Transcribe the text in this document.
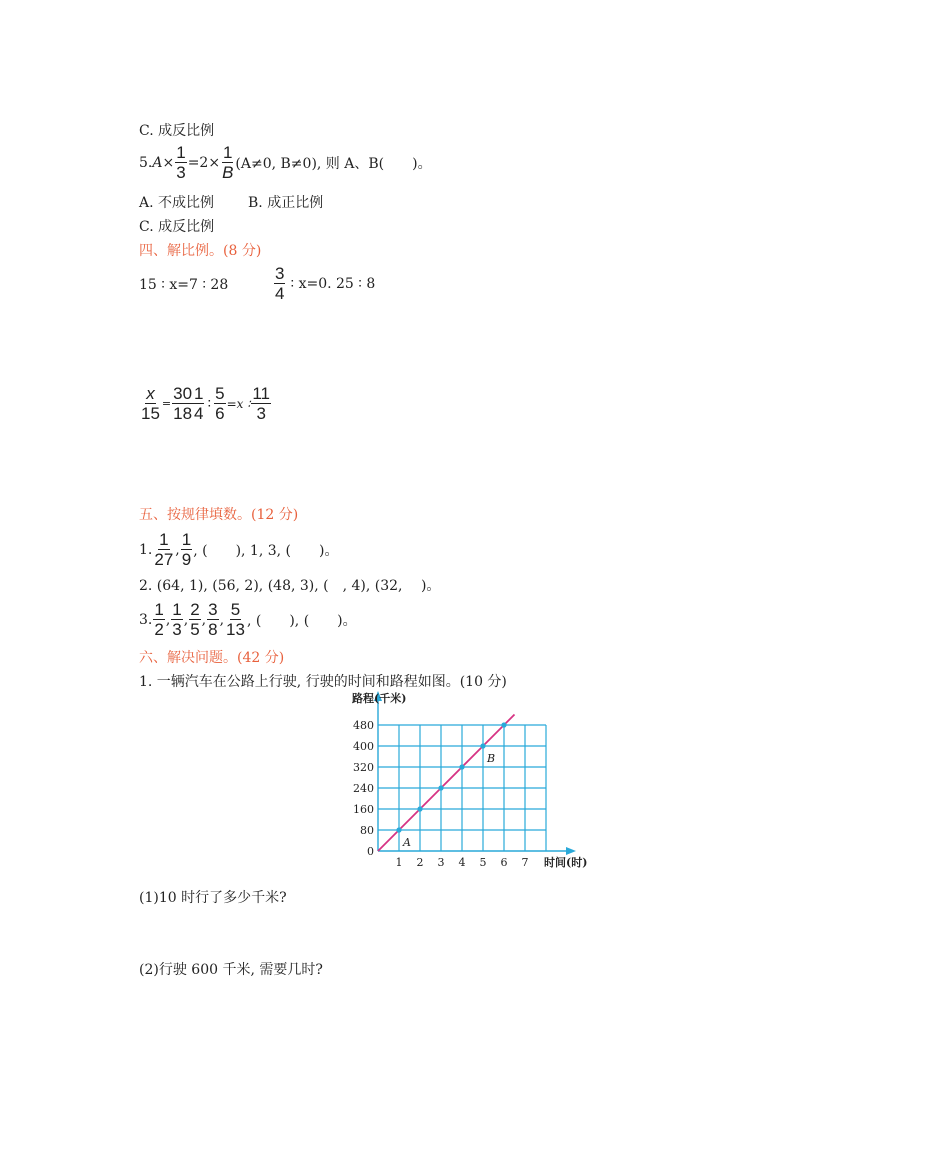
C. 成反比例
5. $A \times \frac{1}{3} =2 \times \frac{1}{B} (A\ne 0$, B≠0), 则 A、B(　　)。
A. 不成比例 B. 成正比例
C. 成反比例
四、解比例。(8 分)
15 ∶ x=7 ∶ 28	$\frac{3}{4}$ ∶ x=0. 25 ∶ 8
$\frac{x}{15} = \frac{30}{18} \frac{1}{4}$ ∶ $\frac{5}{6} =x$ ∶ $\frac{11}{3}$
五、按规律填数。(12 分)
1. $\frac{1}{27}$ , $\frac{1}{9}$ , (　　), 1, 3, (　　)。
2. (64, 1), (56, 2), (48, 3), (　, 4), (32,　 )。
3. $\frac{1}{2}$ , $\frac{1}{3}$ , $\frac{2}{5}$ , $\frac{3}{8}$ , $\frac{5}{13}$ , (　　), (　　)。
六、解决问题。(42 分)
1. 一辆汽车在公路上行驶, 行驶的时间和路程如图。(10 分)
0
80
160
240
320
400
480
1 2 3 4 5 6 7
路程(千米)
时间(时)
A
B
(1)10 时行了多少千米?
(2)行驶 600 千米, 需要几时?
